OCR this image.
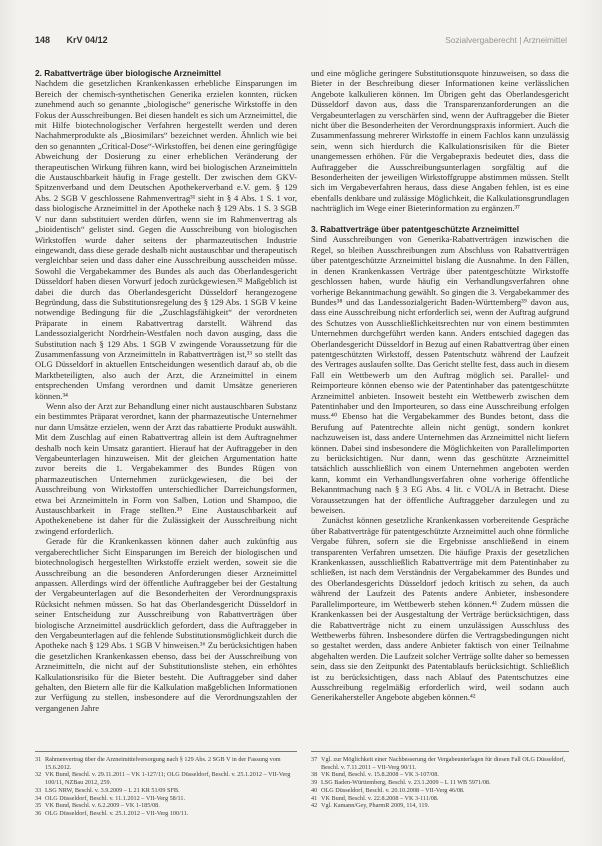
148 KrV 04/12	Sozialvergaberecht | Arzneimittel
2. Rabattverträge über biologische Arzneimittel

Nachdem die gesetzlichen Krankenkassen erhebliche Einsparungen im Bereich der chemisch-synthetischen Generika erzielen konnten, rücken zunehmend auch so genannte „biologische“ generische Wirkstoffe in den Fokus der Ausschreibungen. Bei diesen handelt es sich um Arzneimittel, die mit Hilfe biotechnologischer Verfahren hergestellt werden und deren Nachahmerprodukte als „Biosimilars“ bezeichnet werden. Ähnlich wie bei den so genannten „Critical-Dose“-Wirkstoffen, bei denen eine geringfügige Abweichung der Dosierung zu einer erheblichen Veränderung der therapeutischen Wirkung führen kann, wird bei biologischen Arzneimitteln die Austauschbarkeit häufig in Frage gestellt. Der zwischen dem GKV-Spitzenverband und dem Deutschen Apothekerverband e.V. gem. § 129 Abs. 2 SGB V geschlossene Rahmenvertrag³¹ sieht in § 4 Abs. 1 S. 1 vor, dass biologische Arzneimittel in der Apotheke nach § 129 Abs. 1 S. 3 SGB V nur dann substituiert werden dürfen, wenn sie im Rahmenvertrag als „bioidentisch“ gelistet sind. Gegen die Ausschreibung von biologischen Wirkstoffen wurde daher seitens der pharmazeutischen Industrie eingewandt, dass diese gerade deshalb nicht austauschbar und therapeutisch vergleichbar seien und dass daher eine Ausschreibung ausscheiden müsse. Sowohl die Vergabekammer des Bundes als auch das Oberlandesgericht Düsseldorf haben diesen Vorwurf jedoch zurückgewiesen.³² Maßgeblich ist dabei die durch das Oberlandesgericht Düsseldorf herangezogene Begründung, dass die Substitutionsregelung des § 129 Abs. 1 SGB V keine notwendige Bedingung für die „Zuschlagsfähigkeit“ der verordneten Präparate in einem Rabattvertrag darstellt. Während das Landessozialgericht Nordrhein-Westfalen noch davon ausging, dass die Substitution nach § 129 Abs. 1 SGB V zwingende Voraussetzung für die Zusammenfassung von Arzneimitteln in Rabattverträgen ist,³³ so stellt das OLG Düsseldorf in aktuellen Entscheidungen wesentlich darauf ab, ob die Marktbeteiligten, also auch der Arzt, die Arzneimittel in einem entsprechenden Umfang verordnen und damit Umsätze generieren können.³⁴

Wenn also der Arzt zur Behandlung einer nicht austauschbaren Substanz ein bestimmtes Präparat verordnet, kann der pharmazeutische Unternehmer nur dann Umsätze erzielen, wenn der Arzt das rabattierte Produkt auswählt. Mit dem Zuschlag auf einen Rabattvertrag allein ist dem Auftragnehmer deshalb noch kein Umsatz garantiert. Hierauf hat der Auftraggeber in den Vergabeunterlagen hinzuweisen. Mit der gleichen Argumentation hatte zuvor bereits die 1. Vergabekammer des Bundes Rügen von pharmazeutischen Unternehmen zurückgewiesen, die bei der Ausschreibung von Wirkstoffen unterschiedlicher Darreichungsformen, etwa bei Arzneimitteln in Form von Salben, Lotion und Shampoo, die Austauschbarkeit in Frage stellten.³⁵ Eine Austauschbarkeit auf Apothekenebene ist daher für die Zulässigkeit der Ausschreibung nicht zwingend erforderlich.

Gerade für die Krankenkassen können daher auch zukünftig aus vergaberechtlicher Sicht Einsparungen im Bereich der biologischen und biotechnologisch hergestellten Wirkstoffe erzielt werden, soweit sie die Ausschreibung an die besonderen Anforderungen dieser Arzneimittel anpassen. Allerdings wird der öffentliche Auftraggeber bei der Gestaltung der Vergabeunterlagen auf die Besonderheiten der Verordnungspraxis Rücksicht nehmen müssen. So hat das Oberlandesgericht Düsseldorf in seiner Entscheidung zur Ausschreibung von Rabattverträgen über biologische Arzneimittel ausdrücklich gefordert, dass die Auftraggeber in den Vergabeunterlagen auf die fehlende Substitutionsmöglichkeit durch die Apotheke nach § 129 Abs. 1 SGB V hinweisen.³⁶ Zu berücksichtigen haben die gesetzlichen Krankenkassen ebenso, dass bei der Ausschreibung von Arzneimitteln, die nicht auf der Substitutionsliste stehen, ein erhöhtes Kalkulationsrisiko für die Bieter besteht. Die Auftraggeber sind daher gehalten, den Bietern alle für die Kalkulation maßgeblichen Informationen zur Verfügung zu stellen, insbesondere auf die Verordnungszahlen der vergangenen Jahre

und eine mögliche geringere Substitutionsquote hinzuweisen, so dass die Bieter in der Beschreibung dieser Informationen keine verlässlichen Angebote kalkulieren können. Im Übrigen geht das Oberlandesgericht Düsseldorf davon aus, dass die Transparenzanforderungen an die Vergabeunterlagen zu verschärfen sind, wenn der Auftraggeber die Bieter nicht über die Besonderheiten der Verordnungspraxis informiert. Auch die Zusammenfassung mehrerer Wirkstoffe in einem Fachlos kann unzulässig sein, wenn sich hierdurch die Kalkulationsrisiken für die Bieter unangemessen erhöhen. Für die Vergabepraxis bedeutet dies, dass die Auftraggeber die Ausschreibungsunterlagen sorgfältig auf die Besonderheiten der jeweiligen Wirkstoffgruppe abstimmen müssen. Stellt sich im Vergabeverfahren heraus, dass diese Angaben fehlen, ist es eine ebenfalls denkbare und zulässige Möglichkeit, die Kalkulationsgrundlagen nachträglich im Wege einer Bieterinformation zu ergänzen.³⁷

3. Rabattverträge über patentgeschützte Arzneimittel

Sind Ausschreibungen von Generika-Rabattverträgen inzwischen die Regel, so bleiben Ausschreibungen zum Abschluss von Rabattverträgen über patentgeschützte Arzneimittel bislang die Ausnahme. In den Fällen, in denen Krankenkassen Verträge über patentgeschützte Wirkstoffe geschlossen haben, wurde häufig ein Verhandlungsverfahren ohne vorherige Bekanntmachung gewählt. So gingen die 3. Vergabekammer des Bundes³⁸ und das Landessozialgericht Baden-Württemberg³⁹ davon aus, dass eine Ausschreibung nicht erforderlich sei, wenn der Auftrag aufgrund des Schutzes von Ausschließlichkeitsrechten nur von einem bestimmten Unternehmen durchgeführt werden kann. Anders entschied dagegen das Oberlandesgericht Düsseldorf in Bezug auf einen Rabattvertrag über einen patentgeschützten Wirkstoff, dessen Patentschutz während der Laufzeit des Vertrages auslaufen sollte. Das Gericht stellte fest, dass auch in diesem Fall ein Wettbewerb um den Auftrag möglich sei. Parallel- und Reimporteure können ebenso wie der Patentinhaber das patentgeschützte Arzneimittel anbieten. Insoweit besteht ein Wettbewerb zwischen dem Patentinhaber und den Importeuren, so dass eine Ausschreibung erfolgen muss.⁴⁰ Ebenso hat die Vergabekammer des Bundes betont, dass die Berufung auf Patentrechte allein nicht genügt, sondern konkret nachzuweisen ist, dass andere Unternehmen das Arzneimittel nicht liefern können. Dabei sind insbesondere die Möglichkeiten von Parallelimporten zu berücksichtigen. Nur dann, wenn das geschützte Arzneimittel tatsächlich ausschließlich von einem Unternehmen angeboten werden kann, kommt ein Verhandlungsverfahren ohne vorherige öffentliche Bekanntmachung nach § 3 EG Abs. 4 lit. c VOL/A in Betracht. Diese Voraussetzungen hat der öffentliche Auftraggeber darzulegen und zu beweisen.

Zunächst können gesetzliche Krankenkassen vorbereitende Gespräche über Rabattverträge für patentgeschützte Arzneimittel auch ohne förmliche Vergabe führen, sofern sie die Ergebnisse anschließend in einem transparenten Verfahren umsetzen. Die häufige Praxis der gesetzlichen Krankenkassen, ausschließlich Rabattverträge mit dem Patentinhaber zu schließen, ist nach dem Verständnis der Vergabekammer des Bundes und des Oberlandesgerichts Düsseldorf jedoch kritisch zu sehen, da auch während der Laufzeit des Patents andere Anbieter, insbesondere Parallelimporteure, im Wettbewerb stehen können.⁴¹ Zudem müssen die Krankenkassen bei der Ausgestaltung der Verträge berücksichtigen, dass die Rabattverträge nicht zu einem unzulässigen Ausschluss des Wettbewerbs führen. Insbesondere dürfen die Vertragsbedingungen nicht so gestaltet werden, dass andere Anbieter faktisch von einer Teilnahme abgehalten werden. Die Laufzeit solcher Verträge sollte daher so bemessen sein, dass sie den Zeitpunkt des Patentablaufs berücksichtigt. Schließlich ist zu berücksichtigen, dass nach Ablauf des Patentschutzes eine Ausschreibung regelmäßig erforderlich wird, weil sodann auch Generikahersteller Angebote abgeben können.⁴²

31 Rahmenvertrag über die Arzneimittelversorgung nach § 129 Abs. 2 SGB V in der Fassung vom 15.6.2012.
32 VK Bund, Beschl. v. 29.11.2011 – VK 1-127/11; OLG Düsseldorf, Beschl. v. 25.1.2012 – VII-Verg 100/11, NZBau 2012, 259.
33 LSG NRW, Beschl. v. 3.9.2009 – L 21 KR 51/09 SFB.
34 OLG Düsseldorf, Beschl. v. 11.1.2012 – VII-Verg 58/11.
35 VK Bund, Beschl. v. 6.2.2009 – VK 1-185/08.
36 OLG Düsseldorf, Beschl. v. 25.1.2012 – VII-Verg 100/11.
37 Vgl. zur Möglichkeit einer Nachbesserung der Vergabeunterlagen für diesen Fall OLG Düsseldorf, Beschl. v. 7.11.2011 – VII-Verg 90/11.
38 VK Bund, Beschl. v. 15.8.2008 – VK 3-107/08.
39 LSG Baden-Württemberg, Beschl. v. 23.1.2009 – L 11 WB 5971/08.
40 OLG Düsseldorf, Beschl. v. 20.10.2008 – VII-Verg 46/08.
41 VK Bund, Beschl. v. 22.8.2008 – VK 3-111/08.
42 Vgl. Kamann/Gey, PharmR 2009, 114, 119.
